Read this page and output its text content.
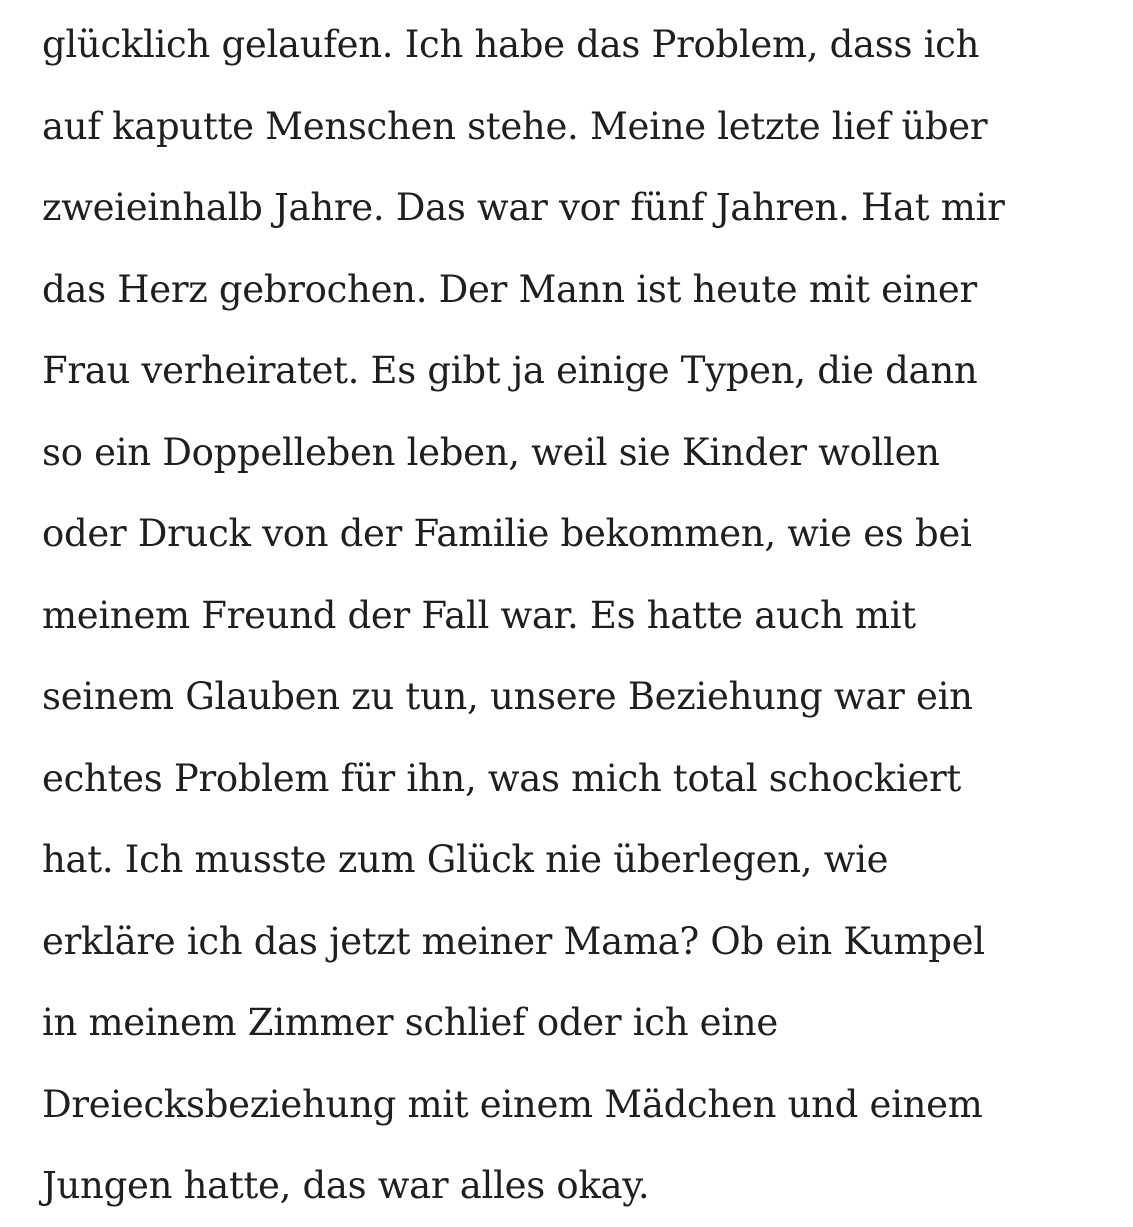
glücklich gelaufen. Ich habe das Problem, dass ich

auf kaputte Menschen stehe. Meine letzte lief über

zweieinhalb Jahre. Das war vor fünf Jahren. Hat mir

das Herz gebrochen. Der Mann ist heute mit einer

Frau verheiratet. Es gibt ja einige Typen, die dann

so ein Doppelleben leben, weil sie Kinder wollen

oder Druck von der Familie bekommen, wie es bei

meinem Freund der Fall war. Es hatte auch mit

seinem Glauben zu tun, unsere Beziehung war ein

echtes Problem für ihn, was mich total schockiert

hat. Ich musste zum Glück nie überlegen, wie

erkläre ich das jetzt meiner Mama? Ob ein Kumpel

in meinem Zimmer schlief oder ich eine

Dreiecksbeziehung mit einem Mädchen und einem

Jungen hatte, das war alles okay.
